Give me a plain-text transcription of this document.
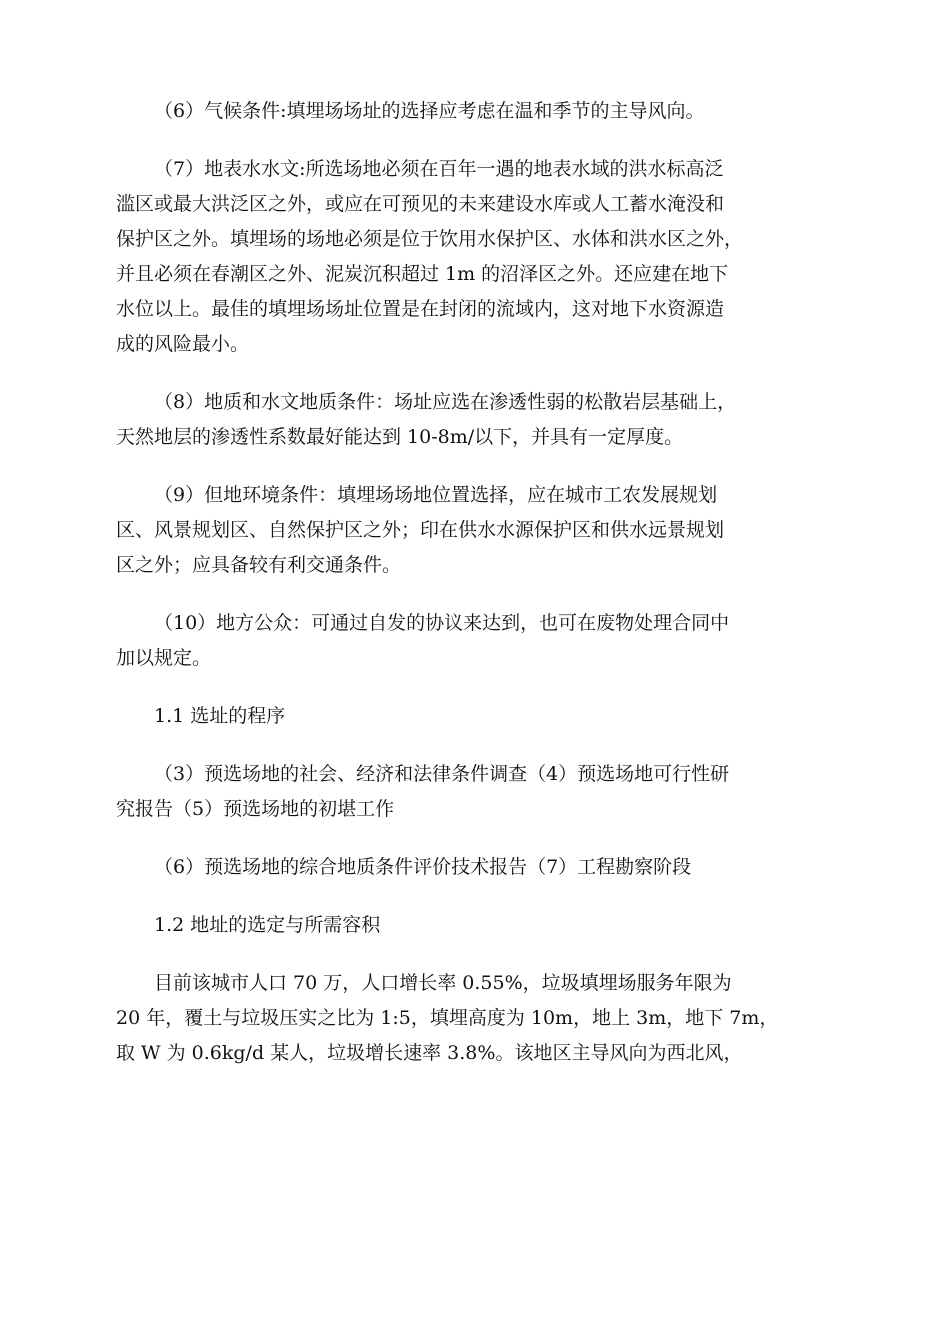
（6）气候条件:填埋场场址的选择应考虑在温和季节的主导风向。

（7）地表水水文:所选场地必须在百年一遇的地表水域的洪水标高泛
滥区或最大洪泛区之外，或应在可预见的未来建设水库或人工蓄水淹没和
保护区之外。填埋场的场地必须是位于饮用水保护区、水体和洪水区之外，
并且必须在春潮区之外、泥炭沉积超过 1m 的沼泽区之外。还应建在地下
水位以上。最佳的填埋场场址位置是在封闭的流域内，这对地下水资源造
成的风险最小。

（8）地质和水文地质条件：场址应选在渗透性弱的松散岩层基础上，
天然地层的渗透性系数最好能达到 10-8m/以下，并具有一定厚度。

（9）但地环境条件：填埋场场地位置选择，应在城市工农发展规划
区、风景规划区、自然保护区之外；印在供水水源保护区和供水远景规划
区之外；应具备较有利交通条件。

（10）地方公众：可通过自发的协议来达到，也可在废物处理合同中
加以规定。

1.1 选址的程序

（3）预选场地的社会、经济和法律条件调查（4）预选场地可行性研
究报告（5）预选场地的初堪工作

（6）预选场地的综合地质条件评价技术报告（7）工程勘察阶段

1.2 地址的选定与所需容积

目前该城市人口 70 万，人口增长率 0.55%，垃圾填埋场服务年限为
20 年，覆土与垃圾压实之比为 1:5，填埋高度为 10m，地上 3m，地下 7m，
取 W 为 0.6kg/d 某人，垃圾增长速率 3.8%。该地区主导风向为西北风，
